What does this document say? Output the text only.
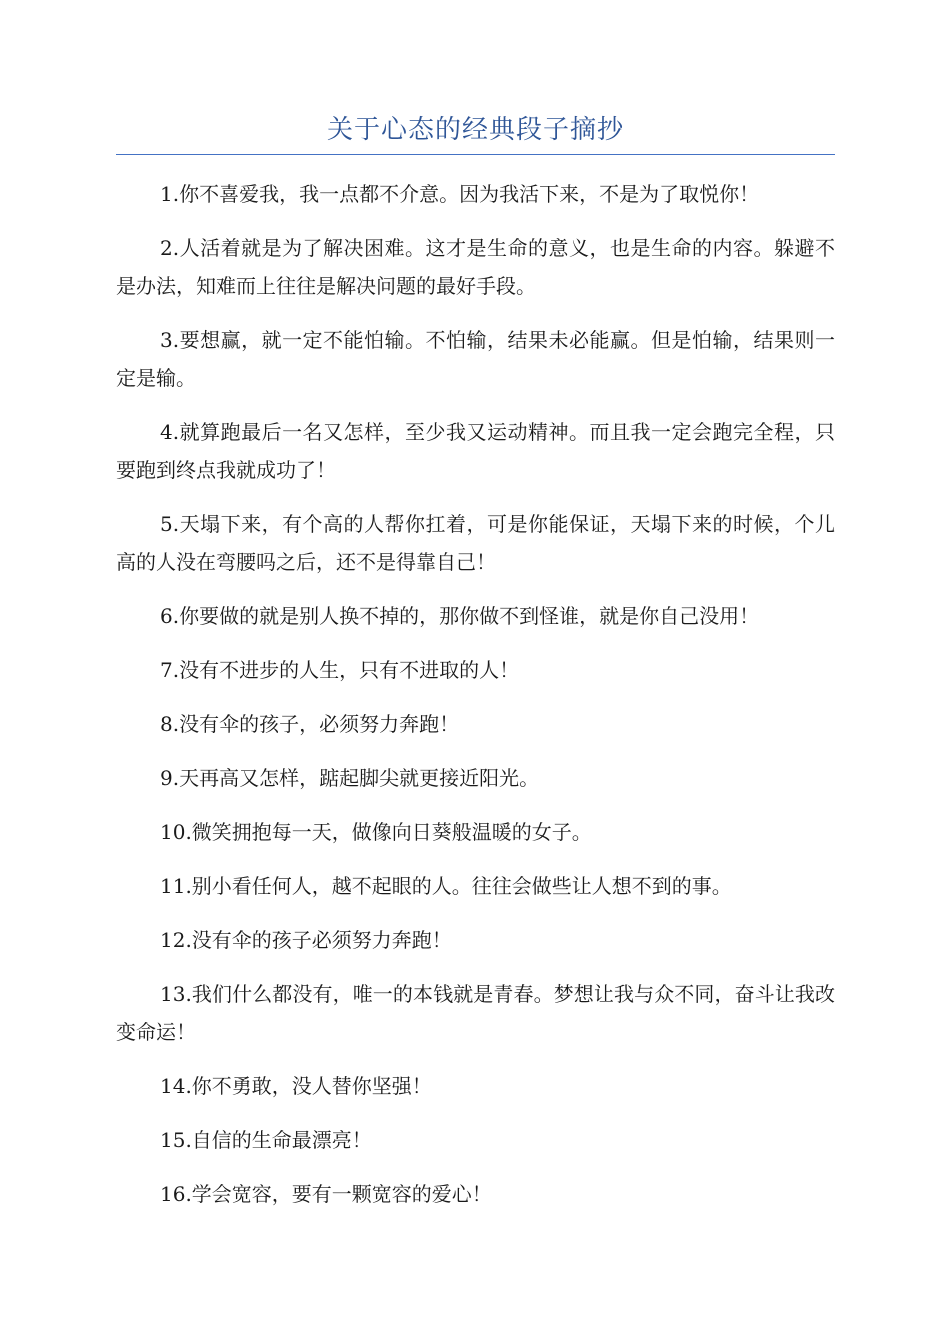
关于心态的经典段子摘抄

1.你不喜爱我，我一点都不介意。因为我活下来，不是为了取悦你！

2.人活着就是为了解决困难。这才是生命的意义，也是生命的内容。躲避不是办法，知难而上往往是解决问题的最好手段。

3.要想赢，就一定不能怕输。不怕输，结果未必能赢。但是怕输，结果则一定是输。

4.就算跑最后一名又怎样，至少我又运动精神。而且我一定会跑完全程，只要跑到终点我就成功了！

5.天塌下来，有个高的人帮你扛着，可是你能保证，天塌下来的时候，个儿高的人没在弯腰吗之后，还不是得靠自己！

6.你要做的就是别人换不掉的，那你做不到怪谁，就是你自己没用！

7.没有不进步的人生，只有不进取的人！

8.没有伞的孩子，必须努力奔跑！

9.天再高又怎样，踮起脚尖就更接近阳光。

10.微笑拥抱每一天，做像向日葵般温暖的女子。

11.别小看任何人，越不起眼的人。往往会做些让人想不到的事。

12.没有伞的孩子必须努力奔跑！

13.我们什么都没有，唯一的本钱就是青春。梦想让我与众不同，奋斗让我改变命运！

14.你不勇敢，没人替你坚强！

15.自信的生命最漂亮！

16.学会宽容，要有一颗宽容的爱心！
